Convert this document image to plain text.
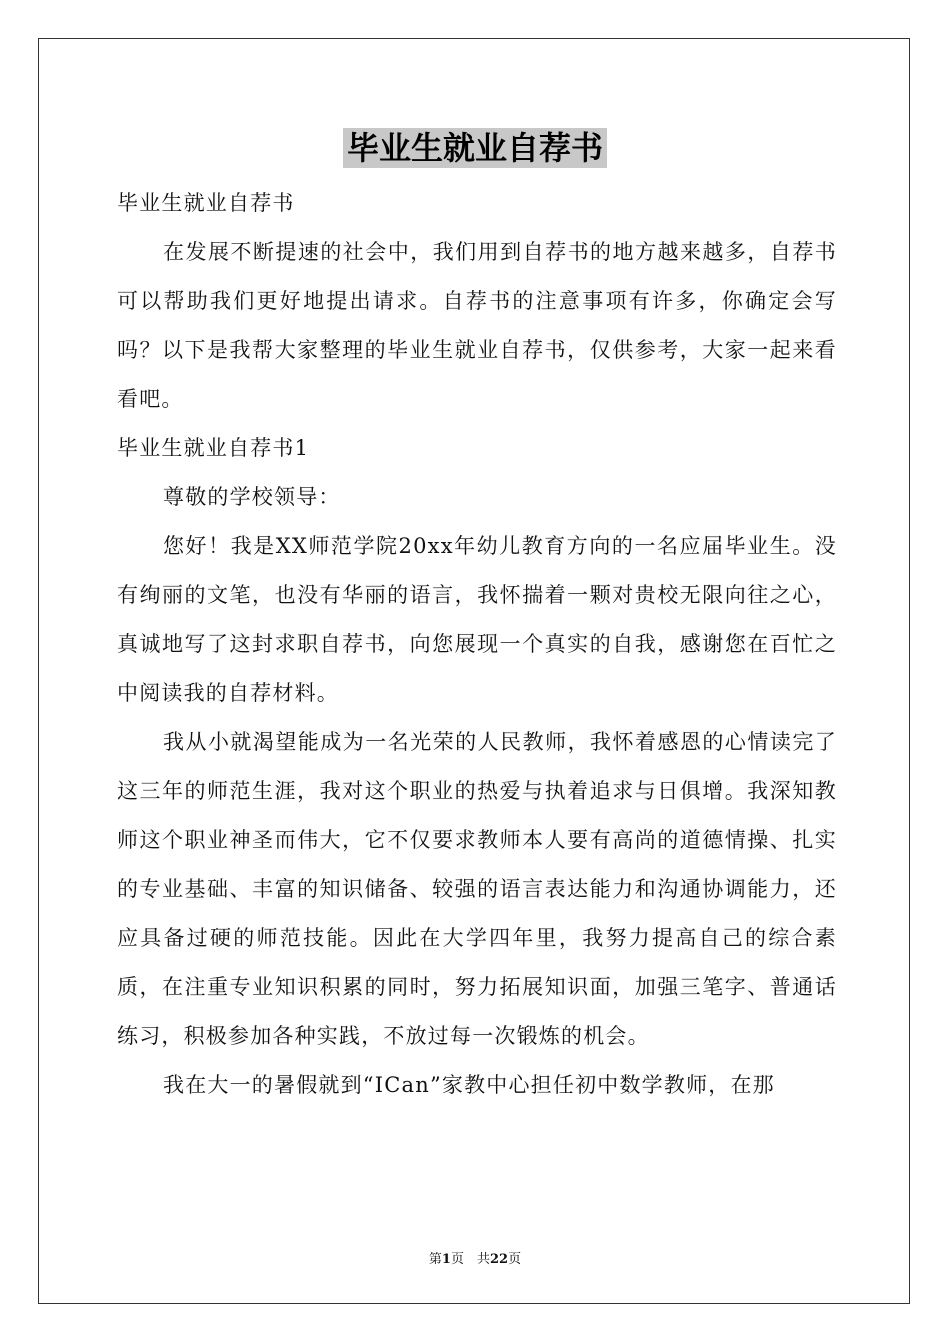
毕业生就业自荐书

毕业生就业自荐书

在发展不断提速的社会中，我们用到自荐书的地方越来越多，自荐书可以帮助我们更好地提出请求。自荐书的注意事项有许多，你确定会写吗？以下是我帮大家整理的毕业生就业自荐书，仅供参考，大家一起来看看吧。

毕业生就业自荐书1

尊敬的学校领导：

您好！我是XX师范学院20xx年幼儿教育方向的一名应届毕业生。没有绚丽的文笔，也没有华丽的语言，我怀揣着一颗对贵校无限向往之心，真诚地写了这封求职自荐书，向您展现一个真实的自我，感谢您在百忙之中阅读我的自荐材料。

我从小就渴望能成为一名光荣的人民教师，我怀着感恩的心情读完了这三年的师范生涯，我对这个职业的热爱与执着追求与日俱增。我深知教师这个职业神圣而伟大，它不仅要求教师本人要有高尚的道德情操、扎实的专业基础、丰富的知识储备、较强的语言表达能力和沟通协调能力，还应具备过硬的师范技能。因此在大学四年里，我努力提高自己的综合素质，在注重专业知识积累的同时，努力拓展知识面，加强三笔字、普通话练习，积极参加各种实践，不放过每一次锻炼的机会。

我在大一的暑假就到“ICan”家教中心担任初中数学教师，在那

第1页　共22页
